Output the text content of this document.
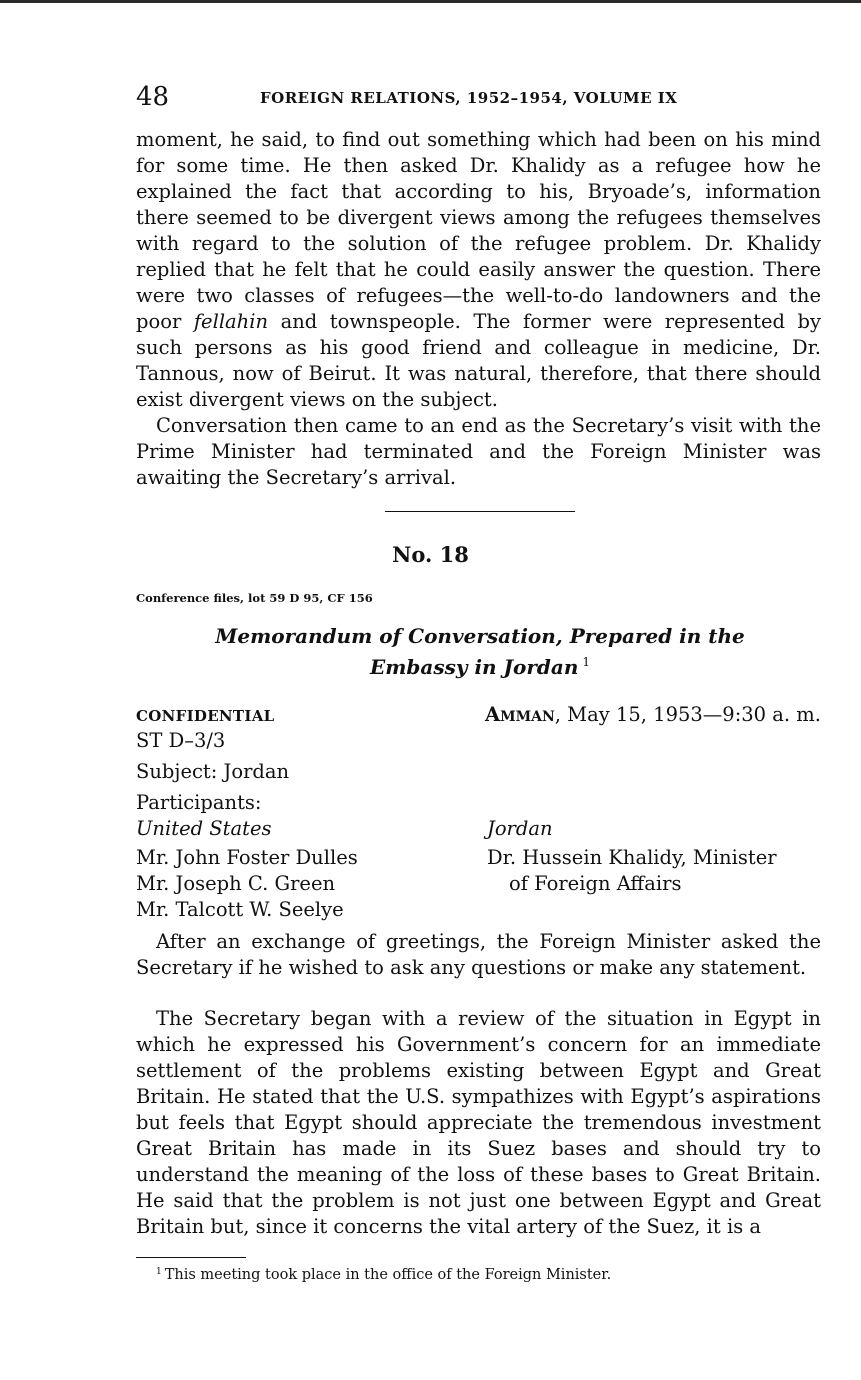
48	FOREIGN RELATIONS, 1952–1954, VOLUME IX

moment, he said, to find out something which had been on his mind for some time. He then asked Dr. Khalidy as a refugee how he explained the fact that according to his, Bryoade’s, information there seemed to be divergent views among the refugees themselves with regard to the solution of the refugee problem. Dr. Khalidy replied that he felt that he could easily answer the question. There were two classes of refugees—the well-to-do landowners and the poor fellahin and townspeople. The former were represented by such persons as his good friend and colleague in medicine, Dr. Tannous, now of Beirut. It was natural, therefore, that there should exist divergent views on the subject.

Conversation then came to an end as the Secretary’s visit with the Prime Minister had terminated and the Foreign Minister was awaiting the Secretary’s arrival.

No. 18
Conference files, lot 59 D 95, CF 156
Memorandum of Conversation, Prepared in the Embassy in Jordan $^1$
CONFIDENTIAL	Amman, May 15, 1953—9:30 a. m.
ST D–3/3
Subject: Jordan
Participants:
United States
Mr. John Foster Dulles
Mr. Joseph C. Green
Mr. Talcott W. Seelye
Jordan
Dr. Hussein Khalidy, Minister
of Foreign Affairs

After an exchange of greetings, the Foreign Minister asked the Secretary if he wished to ask any questions or make any statement.

The Secretary began with a review of the situation in Egypt in which he expressed his Government’s concern for an immediate settlement of the problems existing between Egypt and Great Britain. He stated that the U.S. sympathizes with Egypt’s aspirations but feels that Egypt should appreciate the tremendous investment Great Britain has made in its Suez bases and should try to understand the meaning of the loss of these bases to Great Britain. He said that the problem is not just one between Egypt and Great Britain but, since it concerns the vital artery of the Suez, it is a

$^1$ This meeting took place in the office of the Foreign Minister.
